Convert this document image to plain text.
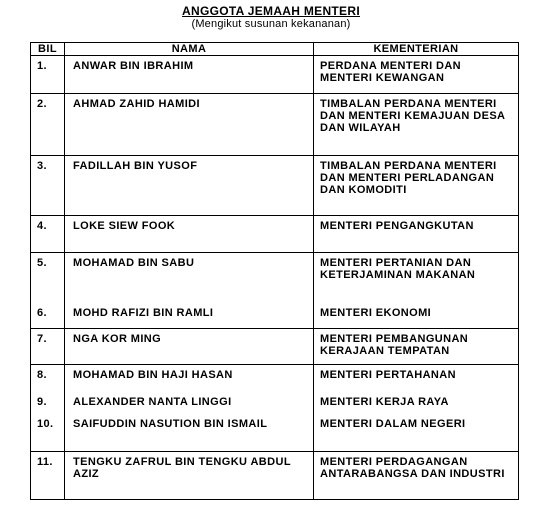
ANGGOTA JEMAAH MENTERI
(Mengikut susunan kekananan)
BIL	NAMA	KEMENTERIAN
1.	ANWAR BIN IBRAHIM	PERDANA MENTERI DAN MENTERI KEWANGAN
2.	AHMAD ZAHID HAMIDI	TIMBALAN PERDANA MENTERI DAN MENTERI KEMAJUAN DESA DAN WILAYAH
3.	FADILLAH BIN YUSOF	TIMBALAN PERDANA MENTERI DAN MENTERI PERLADANGAN DAN KOMODITI

4.	LOKE SIEW FOOK	MENTERI PENGANGKUTAN
5.	MOHAMAD BIN SABU	MENTERI PERTANIAN DAN KETERJAMINAN MAKANAN
6.	MOHD RAFIZI BIN RAMLI	MENTERI EKONOMI
7.	NGA KOR MING	MENTERI PEMBANGUNAN KERAJAAN TEMPATAN
8.	MOHAMAD BIN HAJI HASAN	MENTERI PERTAHANAN
9.	ALEXANDER NANTA LINGGI	MENTERI KERJA RAYA
10.	SAIFUDDIN NASUTION BIN ISMAIL	MENTERI DALAM NEGERI
11.	TENGKU ZAFRUL BIN TENGKU ABDUL AZIZ	MENTERI PERDAGANGAN ANTARABANGSA DAN INDUSTRI
